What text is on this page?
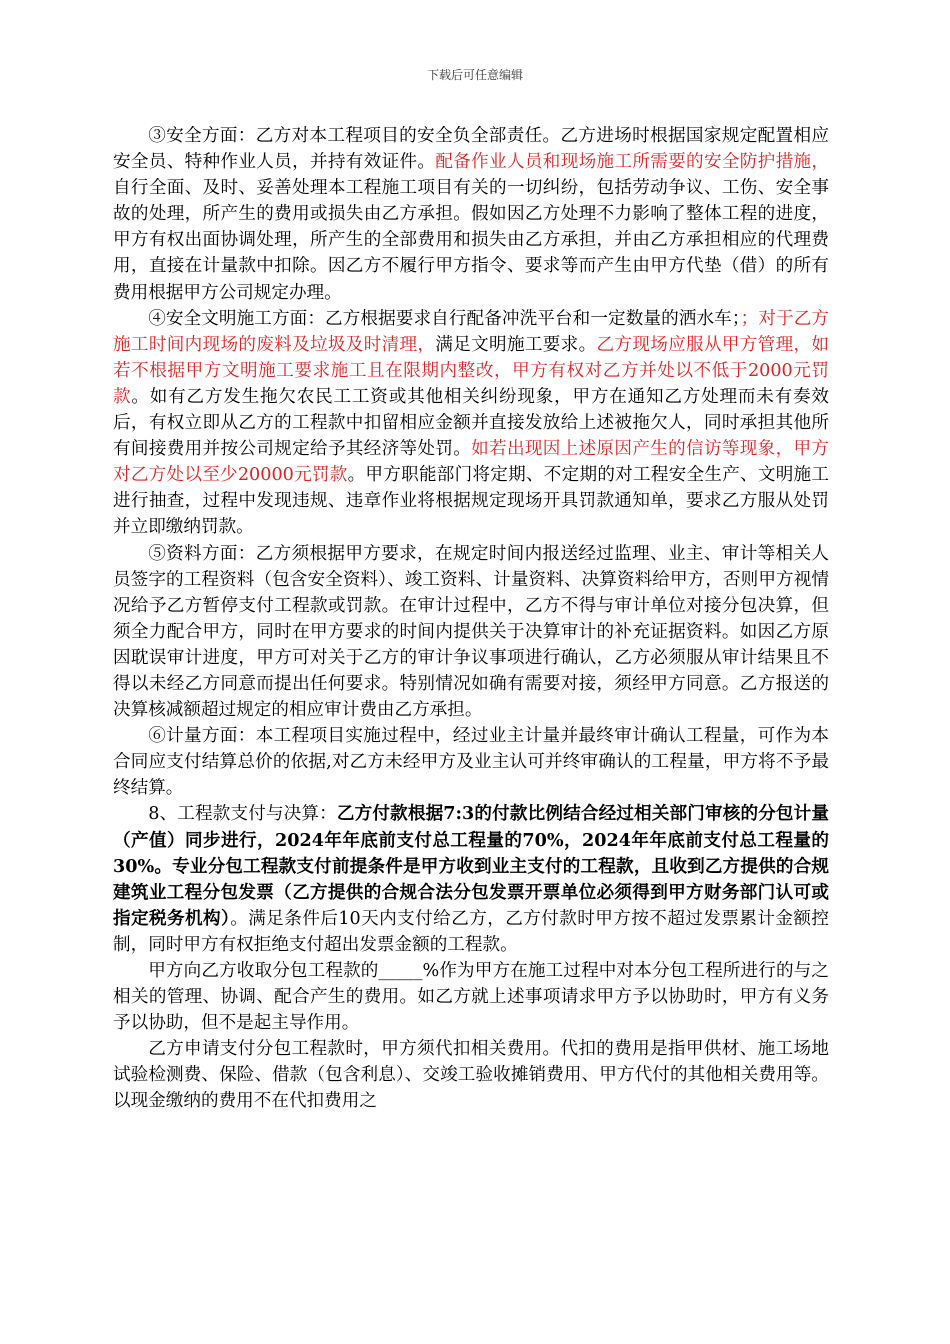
下载后可任意编辑

③安全方面：乙方对本工程项目的安全负全部责任。乙方进场时根据国家规定配置相应安全员、特种作业人员，并持有效证件。配备作业人员和现场施工所需要的安全防护措施，自行全面、及时、妥善处理本工程施工项目有关的一切纠纷，包括劳动争议、工伤、安全事故的处理，所产生的费用或损失由乙方承担。假如因乙方处理不力影响了整体工程的进度，甲方有权出面协调处理，所产生的全部费用和损失由乙方承担，并由乙方承担相应的代理费用，直接在计量款中扣除。因乙方不履行甲方指令、要求等而产生由甲方代垫（借）的所有费用根据甲方公司规定办理。

④安全文明施工方面：乙方根据要求自行配备冲洗平台和一定数量的洒水车；；对于乙方施工时间内现场的废料及垃圾及时清理，满足文明施工要求。乙方现场应服从甲方管理，如若不根据甲方文明施工要求施工且在限期内整改，甲方有权对乙方并处以不低于2000元罚款。如有乙方发生拖欠农民工工资或其他相关纠纷现象，甲方在通知乙方处理而未有奏效后，有权立即从乙方的工程款中扣留相应金额并直接发放给上述被拖欠人，同时承担其他所有间接费用并按公司规定给予其经济等处罚。如若出现因上述原因产生的信访等现象，甲方对乙方处以至少20000元罚款。甲方职能部门将定期、不定期的对工程安全生产、文明施工进行抽查，过程中发现违规、违章作业将根据规定现场开具罚款通知单，要求乙方服从处罚并立即缴纳罚款。

⑤资料方面：乙方须根据甲方要求，在规定时间内报送经过监理、业主、审计等相关人员签字的工程资料（包含安全资料）、竣工资料、计量资料、决算资料给甲方，否则甲方视情况给予乙方暂停支付工程款或罚款。在审计过程中，乙方不得与审计单位对接分包决算，但须全力配合甲方，同时在甲方要求的时间内提供关于决算审计的补充证据资料。如因乙方原因耽误审计进度，甲方可对关于乙方的审计争议事项进行确认，乙方必须服从审计结果且不得以未经乙方同意而提出任何要求。特别情况如确有需要对接，须经甲方同意。乙方报送的决算核减额超过规定的相应审计费由乙方承担。

⑥计量方面：本工程项目实施过程中，经过业主计量并最终审计确认工程量，可作为本合同应支付结算总价的依据,对乙方未经甲方及业主认可并终审确认的工程量，甲方将不予最终结算。

8、工程款支付与决算：乙方付款根据7:3的付款比例结合经过相关部门审核的分包计量（产值）同步进行，2024年年底前支付总工程量的70%，2024年年底前支付总工程量的30%。专业分包工程款支付前提条件是甲方收到业主支付的工程款，且收到乙方提供的合规建筑业工程分包发票（乙方提供的合规合法分包发票开票单位必须得到甲方财务部门认可或指定税务机构）。满足条件后10天内支付给乙方，乙方付款时甲方按不超过发票累计金额控制，同时甲方有权拒绝支付超出发票金额的工程款。

甲方向乙方收取分包工程款的_____%作为甲方在施工过程中对本分包工程所进行的与之相关的管理、协调、配合产生的费用。如乙方就上述事项请求甲方予以协助时，甲方有义务予以协助，但不是起主导作用。

乙方申请支付分包工程款时，甲方须代扣相关费用。代扣的费用是指甲供材、施工场地试验检测费、保险、借款（包含利息）、交竣工验收摊销费用、甲方代付的其他相关费用等。以现金缴纳的费用不在代扣费用之
